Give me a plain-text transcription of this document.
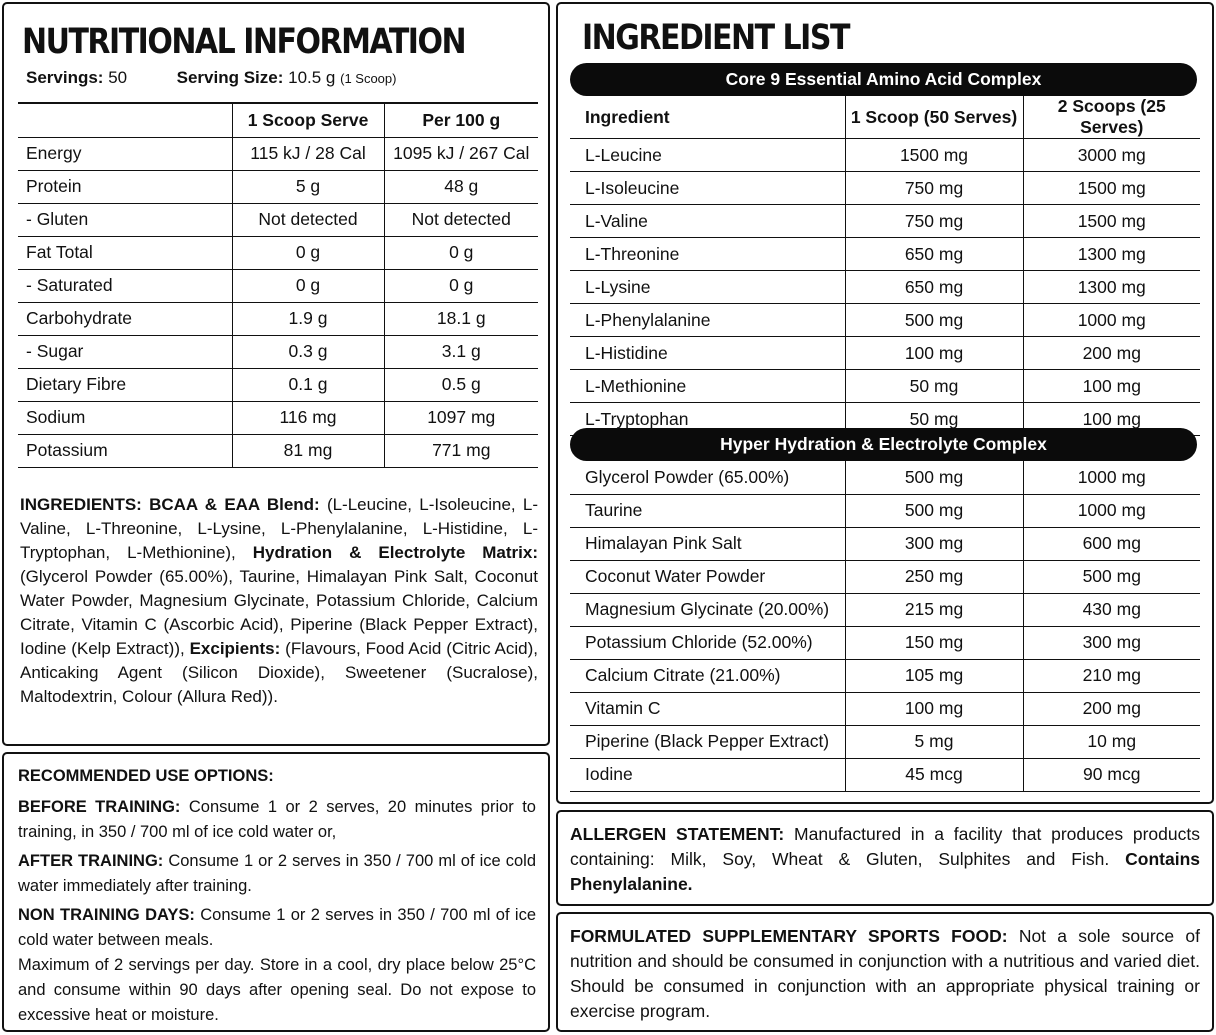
NUTRITIONAL INFORMATION
Servings: 50	Serving Size: 10.5 g (1 Scoop)
	1 Scoop Serve	Per 100 g
Energy	115 kJ / 28 Cal	1095 kJ / 267 Cal
Protein	5 g	48 g
- Gluten	Not detected	Not detected
Fat Total	0 g	0 g
- Saturated	0 g	0 g
Carbohydrate	1.9 g	18.1 g
- Sugar	0.3 g	3.1 g
Dietary Fibre	0.1 g	0.5 g
Sodium	116 mg	1097 mg
Potassium	81 mg	771 mg

INGREDIENTS: BCAA & EAA Blend: (L-Leucine, L-Isoleucine, L-Valine, L-Threonine, L-Lysine, L-Phenylalanine, L-Histidine, L-Tryptophan, L-Methionine), Hydration & Electrolyte Matrix: (Glycerol Powder (65.00%), Taurine, Himalayan Pink Salt, Coconut Water Powder, Magnesium Glycinate, Potassium Chloride, Calcium Citrate, Vitamin C (Ascorbic Acid), Piperine (Black Pepper Extract), Iodine (Kelp Extract)), Excipients: (Flavours, Food Acid (Citric Acid), Anticaking Agent (Silicon Dioxide), Sweetener (Sucralose), Maltodextrin, Colour (Allura Red)).

RECOMMENDED USE OPTIONS:

BEFORE TRAINING: Consume 1 or 2 serves, 20 minutes prior to training, in 350 / 700 ml of ice cold water or,

AFTER TRAINING: Consume 1 or 2 serves in 350 / 700 ml of ice cold water immediately after training.

NON TRAINING DAYS: Consume 1 or 2 serves in 350 / 700 ml of ice cold water between meals.

Maximum of 2 servings per day. Store in a cool, dry place below 25°C and consume within 90 days after opening seal. Do not expose to excessive heat or moisture.

INGREDIENT LIST
Core 9 Essential Amino Acid Complex
Ingredient	1 Scoop (50 Serves)	2 Scoops (25 Serves)
L-Leucine	1500 mg	3000 mg
L-Isoleucine	750 mg	1500 mg
L-Valine	750 mg	1500 mg
L-Threonine	650 mg	1300 mg
L-Lysine	650 mg	1300 mg
L-Phenylalanine	500 mg	1000 mg
L-Histidine	100 mg	200 mg
L-Methionine	50 mg	100 mg
L-Tryptophan	50 mg	100 mg
Hyper Hydration & Electrolyte Complex
Glycerol Powder (65.00%)	500 mg	1000 mg
Taurine	500 mg	1000 mg
Himalayan Pink Salt	300 mg	600 mg
Coconut Water Powder	250 mg	500 mg
Magnesium Glycinate (20.00%)	215 mg	430 mg
Potassium Chloride (52.00%)	150 mg	300 mg
Calcium Citrate (21.00%)	105 mg	210 mg
Vitamin C	100 mg	200 mg
Piperine (Black Pepper Extract)	5 mg	10 mg
Iodine	45 mcg	90 mcg

ALLERGEN STATEMENT: Manufactured in a facility that produces products containing: Milk, Soy, Wheat & Gluten, Sulphites and Fish. Contains Phenylalanine.

FORMULATED SUPPLEMENTARY SPORTS FOOD: Not a sole source of nutrition and should be consumed in conjunction with a nutritious and varied diet. Should be consumed in conjunction with an appropriate physical training or exercise program.
